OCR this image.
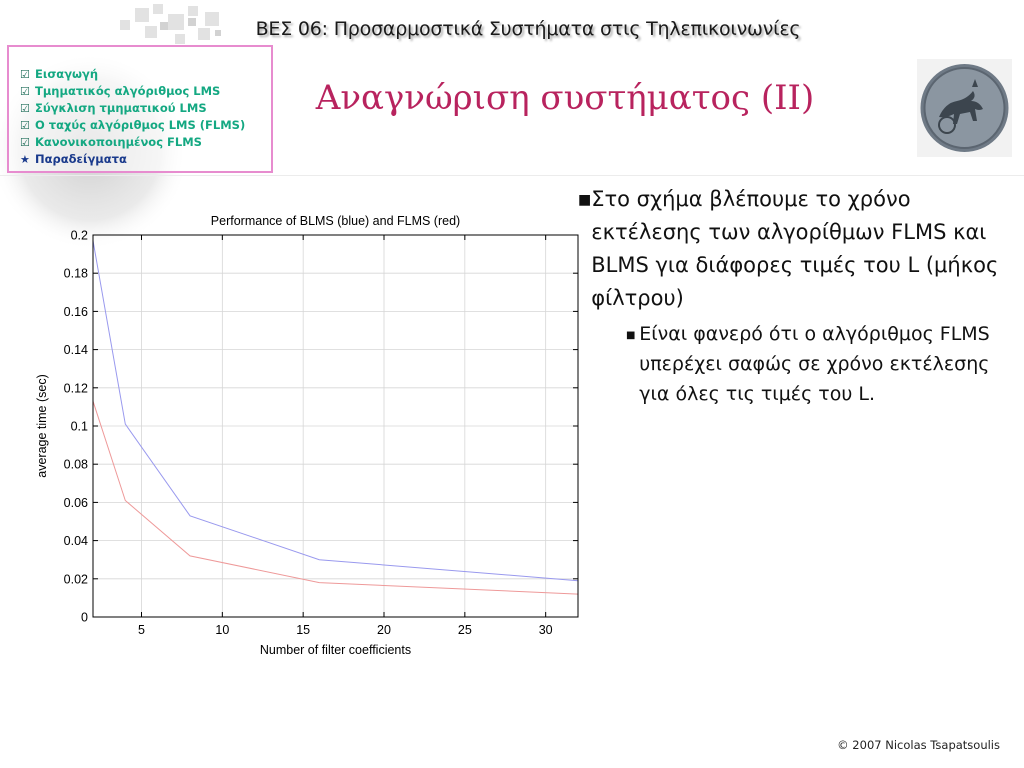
ΒΕΣ 06: Προσαρμοστικά Συστήματα στις Τηλεπικοινωνίες
☑ Εισαγωγή
☑ Τμηματικός αλγόριθμος LMS
☑ Σύγκλιση τμηματικού LMS
☑ Ο ταχύς αλγόριθμος LMS (FLMS)
☑ Κανονικοποιημένος FLMS
★ Παραδείγματα
Αναγνώριση συστήματος (ΙΙ)
Performance of BLMS (blue) and FLMS (red)
Number of filter coefficients
average time (sec)
5	10	15	20	25	30
0
0.02
0.04
0.06
0.08
0.1
0.12
0.14
0.16
0.18
0.2
■ Στο σχήμα βλέπουμε το χρόνο εκτέλεσης των αλγορίθμων FLMS και BLMS για διάφορες τιμές του L (μήκος φίλτρου)
■ Είναι φανερό ότι ο αλγόριθμος FLMS υπερέχει σαφώς σε χρόνο εκτέλεσης για όλες τις τιμές του L.
© 2007 Nicolas Tsapatsoulis
